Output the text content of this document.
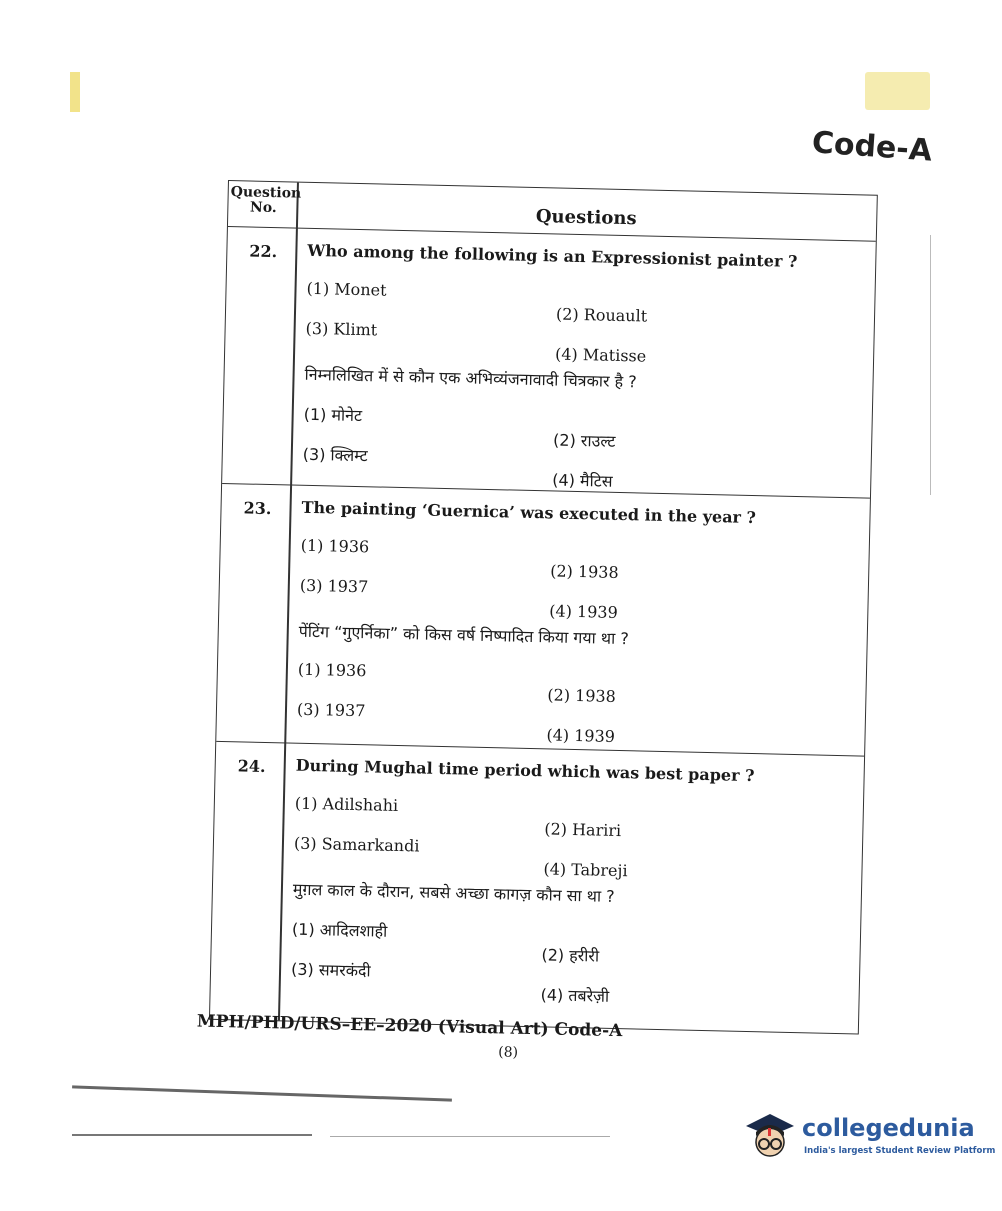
Code-A
Question No.	Questions
22. Who among the following is an Expressionist painter ?
(1) Monet
(2) Rouault
(3) Klimt
(4) Matisse
निम्नलिखित में से कौन एक अभिव्यंजनावादी चित्रकार है ?
(1) मोनेट
(2) राउल्ट
(3) क्लिम्ट
(4) मैटिस
23. The painting ‘Guernica’ was executed in the year ?
(1) 1936
(2) 1938
(3) 1937
(4) 1939
पेंटिंग “गुएर्निका” को किस वर्ष निष्पादित किया गया था ?
(1) 1936
(2) 1938
(3) 1937
(4) 1939
24. During Mughal time period which was best paper ?
(1) Adilshahi
(2) Hariri
(3) Samarkandi
(4) Tabreji
मुग़ल काल के दौरान, सबसे अच्छा कागज़ कौन सा था ?
(1) आदिलशाही
(2) हरीरी
(3) समरकंदी
(4) तबरेज़ी
MPH/PHD/URS–EE–2020 (Visual Art) Code-A
(8)
collegedunia
India's largest Student Review Platform
